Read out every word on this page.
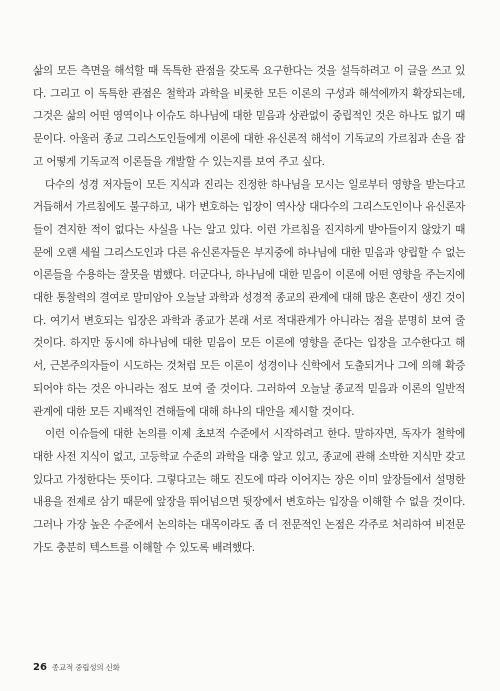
삶의 모든 측면을 해석할 때 독특한 관점을 갖도록 요구한다는 것을 설득하려고 이 글을 쓰고 있다. 그리고 이 독특한 관점은 철학과 과학을 비롯한 모든 이론의 구성과 해석에까지 확장되는데, 그것은 삶의 어떤 영역이나 이슈도 하나님에 대한 믿음과 상관없이 중립적인 것은 하나도 없기 때문이다. 아울러 종교 그리스도인들에게 이론에 대한 유신론적 해석이 기독교의 가르침과 손을 잡고 어떻게 기독교적 이론들을 개발할 수 있는지를 보여 주고 싶다.

다수의 성경 저자들이 모든 지식과 진리는 진정한 하나님을 모시는 일로부터 영향을 받는다고 거듭해서 가르침에도 불구하고, 내가 변호하는 입장이 역사상 대다수의 그리스도인이나 유신론자들이 견지한 적이 없다는 사실을 나는 알고 있다. 이런 가르침을 진지하게 받아들이지 않았기 때문에 오랜 세월 그리스도인과 다른 유신론자들은 부지중에 하나님에 대한 믿음과 양립할 수 없는 이론들을 수용하는 잘못을 범했다. 더군다나, 하나님에 대한 믿음이 이론에 어떤 영향을 주는지에 대한 통찰력의 결여로 말미암아 오늘날 과학과 성경적 종교의 관계에 대해 많은 혼란이 생긴 것이다. 여기서 변호되는 입장은 과학과 종교가 본래 서로 적대관계가 아니라는 점을 분명히 보여 줄 것이다. 하지만 동시에 하나님에 대한 믿음이 모든 이론에 영향을 준다는 입장을 고수한다고 해서, 근본주의자들이 시도하는 것처럼 모든 이론이 성경이나 신학에서 도출되거나 그에 의해 확증되어야 하는 것은 아니라는 점도 보여 줄 것이다. 그러하여 오늘날 종교적 믿음과 이론의 일반적 관계에 대한 모든 지배적인 견해들에 대해 하나의 대안을 제시할 것이다.

이런 이슈들에 대한 논의를 이제 초보적 수준에서 시작하려고 한다. 말하자면, 독자가 철학에 대한 사전 지식이 없고, 고등학교 수준의 과학을 대충 알고 있고, 종교에 관해 소박한 지식만 갖고 있다고 가정한다는 뜻이다. 그렇다고는 해도 진도에 따라 이어지는 장은 이미 앞장들에서 설명한 내용을 전제로 삼기 때문에 앞장을 뛰어넘으면 뒷장에서 변호하는 입장을 이해할 수 없을 것이다. 그러나 가장 높은 수준에서 논의하는 대목이라도 좀 더 전문적인 논점은 각주로 처리하여 비전문가도 충분히 텍스트를 이해할 수 있도록 배려했다.

26 종교적 중립성의 신화
